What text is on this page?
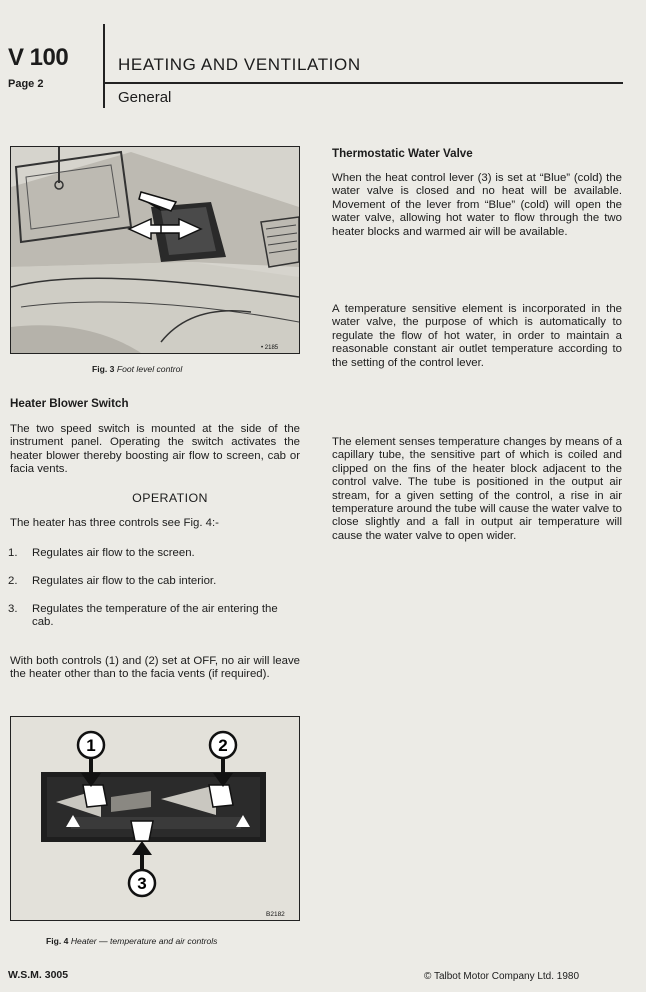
V 100
Page 2
HEATING AND VENTILATION
General
• 2185
Fig. 3 Foot level control
Heater Blower Switch

The two speed switch is mounted at the side of the instrument panel. Operating the switch activates the heater blower thereby boosting air flow to screen, cab or facia vents.

OPERATION

The heater has three controls see Fig. 4:-

1. Regulates air flow to the screen.
2. Regulates air flow to the cab interior.
3.	Regulates the temperature of the air entering the cab.

With both controls (1) and (2) set at OFF, no air will leave the heater other than to the facia vents (if required).

1	2
3
B2182
Fig. 4 Heater — temperature and air controls
Thermostatic Water Valve

When the heat control lever (3) is set at “Blue” (cold) the water valve is closed and no heat will be available. Movement of the lever from “Blue” (cold) will open the water valve, allowing hot water to flow through the two heater blocks and warmed air will be available.

A temperature sensitive element is incorporated in the water valve, the purpose of which is automatically to regulate the flow of hot water, in order to maintain a reasonable constant air outlet temperature according to the setting of the control lever.

The element senses temperature changes by means of a capillary tube, the sensitive part of which is coiled and clipped on the fins of the heater block adjacent to the control valve. The tube is positioned in the output air stream, for a given setting of the control, a rise in air temperature around the tube will cause the water valve to close slightly and a fall in output air temperature will cause the water valve to open wider.

W.S.M. 3005	© Talbot Motor Company Ltd. 1980
